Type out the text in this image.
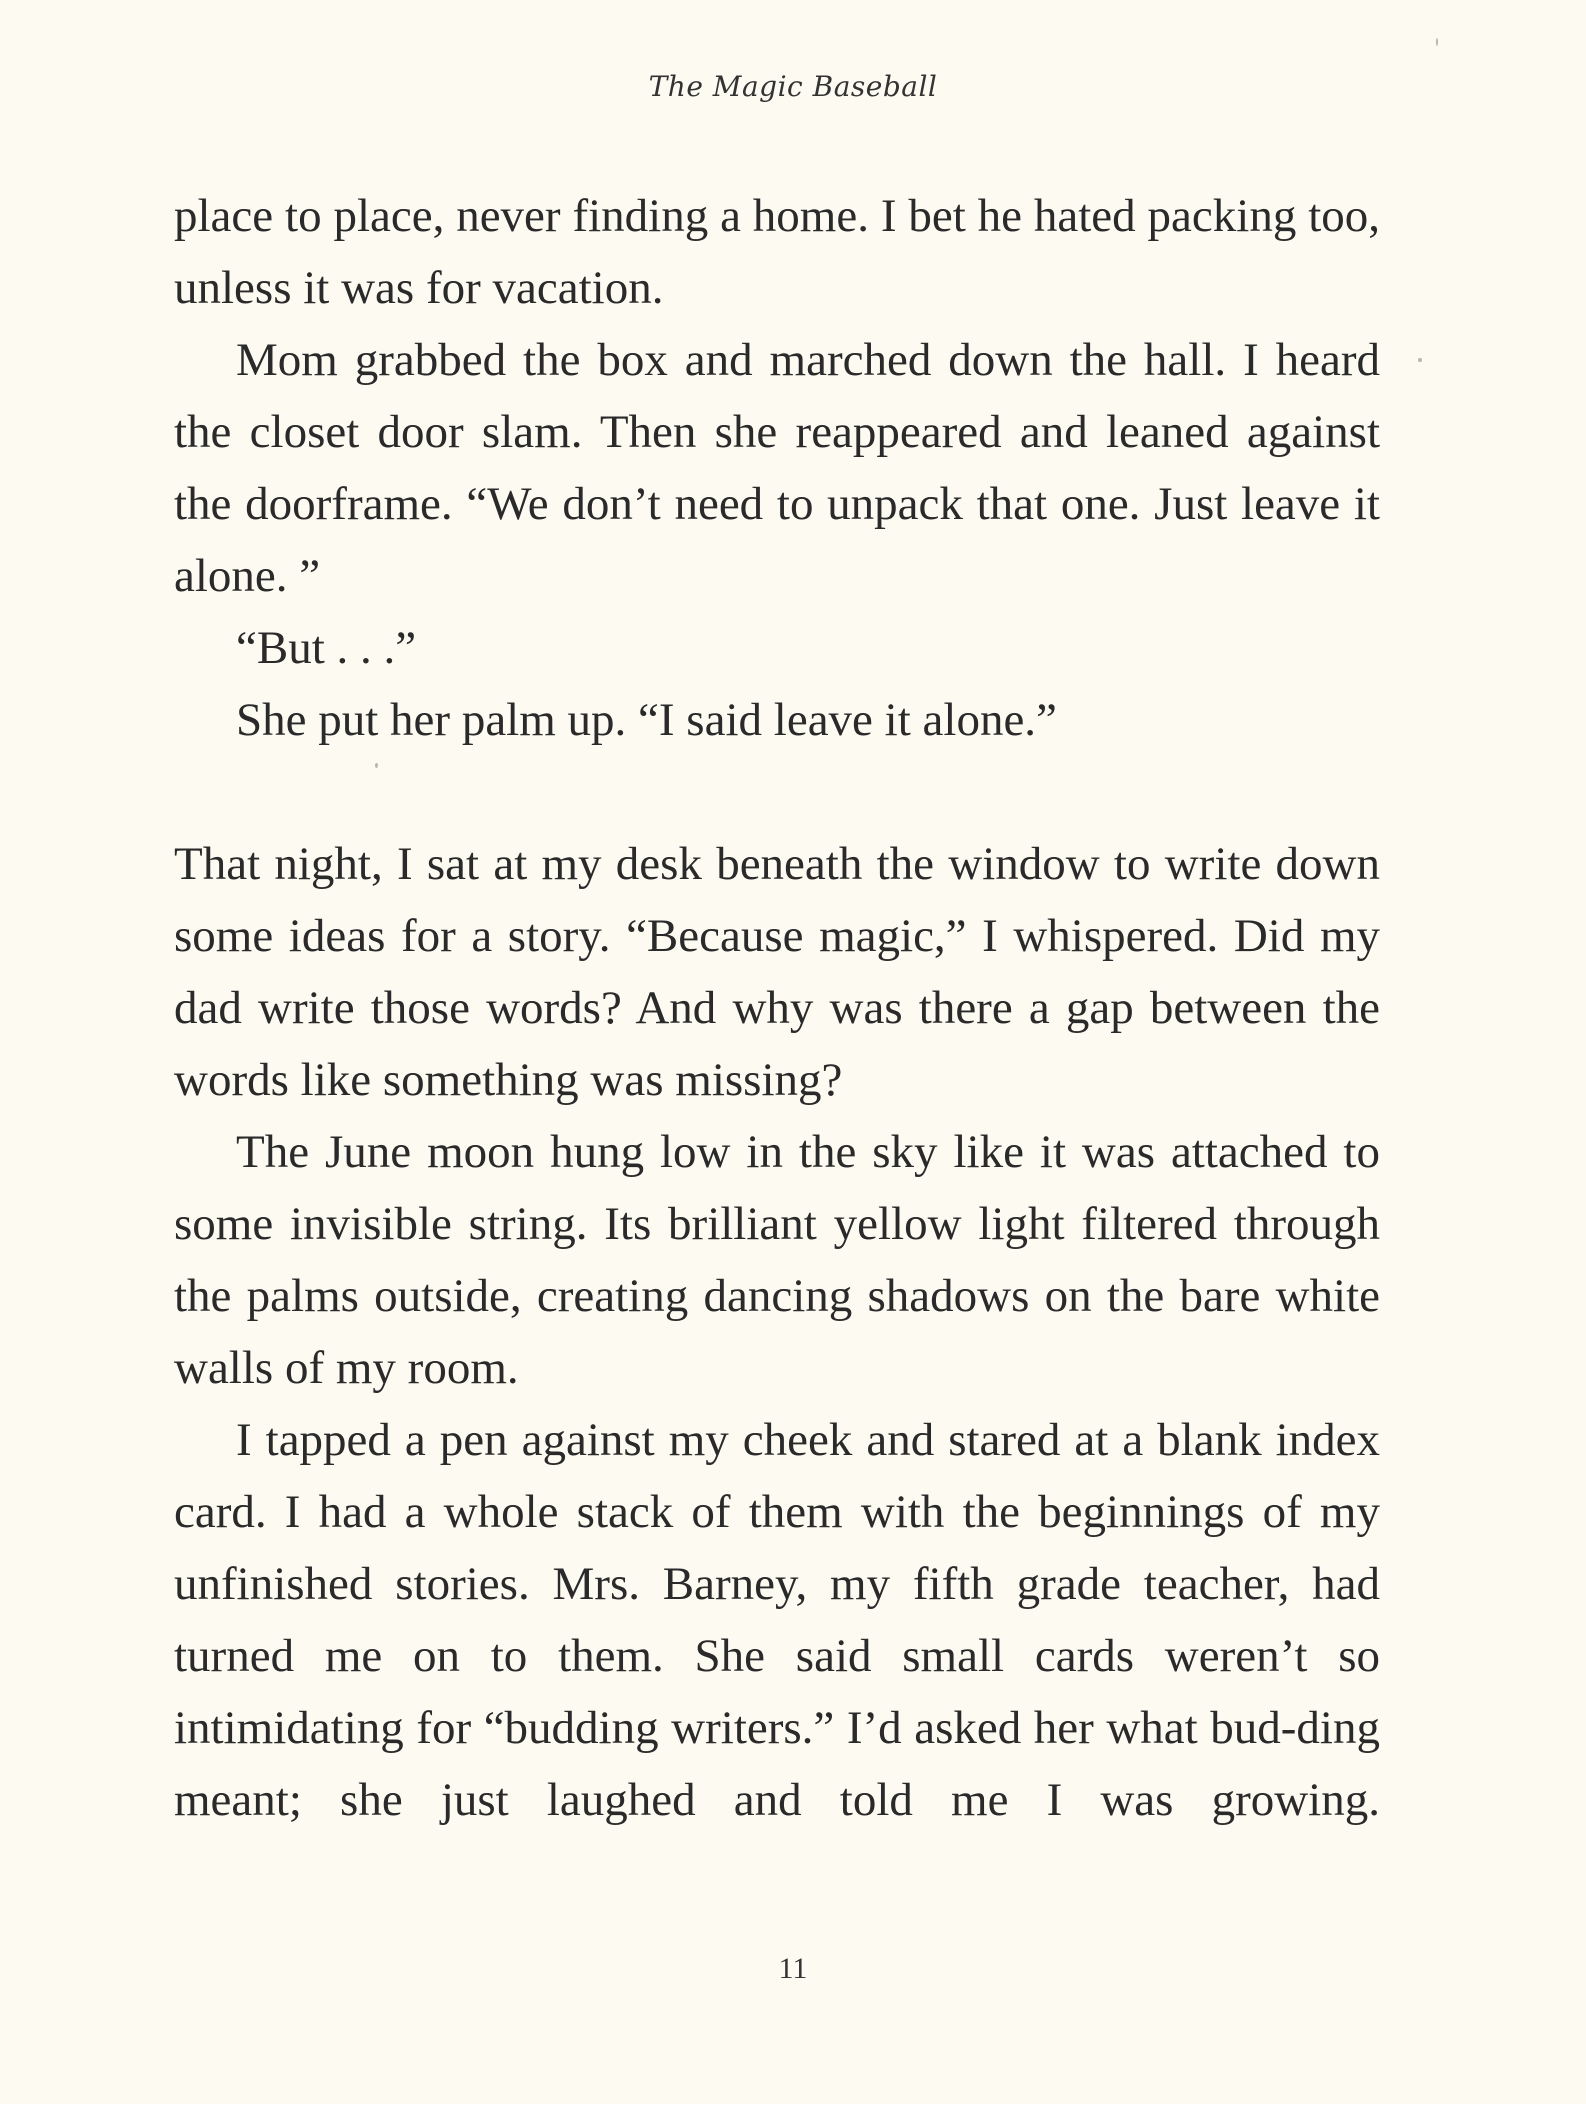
The Magic Baseball

place to place, never finding a home. I bet he hated packing too, unless it was for vacation.

Mom grabbed the box and marched down the hall. I heard the closet door slam. Then she reappeared and leaned against the doorframe. “We don’t need to unpack that one. Just leave it alone. ”

“But . . .”

She put her palm up. “I said leave it alone.”

That night, I sat at my desk beneath the window to write down some ideas for a story. “Because magic,” I whispered. Did my dad write those words? And why was there a gap between the words like something was missing?

The June moon hung low in the sky like it was attached to some invisible string. Its brilliant yellow light filtered through the palms outside, creating dancing shadows on the bare white walls of my room.

I tapped a pen against my cheek and stared at a blank index card. I had a whole stack of them with the beginnings of my unfinished stories. Mrs. Barney, my fifth grade teacher, had turned me on to them. She said small cards weren’t so intimidating for “budding writers.” I’d asked her what bud-ding meant; she just laughed and told me I was growing.

11
